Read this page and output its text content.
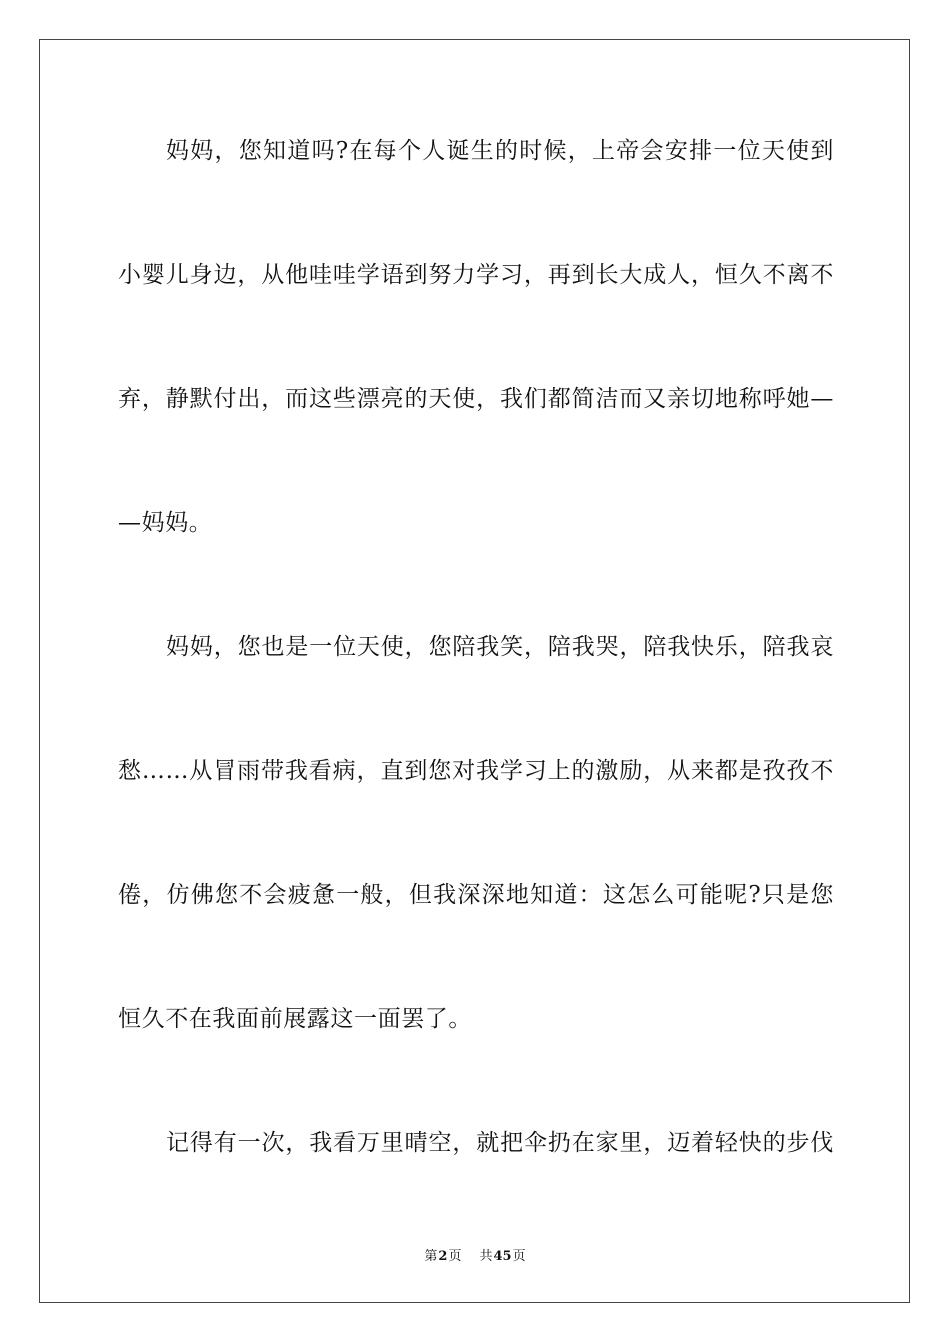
妈妈，您知道吗?在每个人诞生的时候，上帝会安排一位天使到
小婴儿身边，从他哇哇学语到努力学习，再到长大成人，恒久不离不
弃，静默付出，而这些漂亮的天使，我们都简洁而又亲切地称呼她—
—妈妈。
妈妈，您也是一位天使，您陪我笑，陪我哭，陪我快乐，陪我哀
愁……从冒雨带我看病，直到您对我学习上的激励，从来都是孜孜不
倦，仿佛您不会疲惫一般，但我深深地知道：这怎么可能呢?只是您
恒久不在我面前展露这一面罢了。
记得有一次，我看万里晴空，就把伞扔在家里，迈着轻快的步伐
第2页 共45页
